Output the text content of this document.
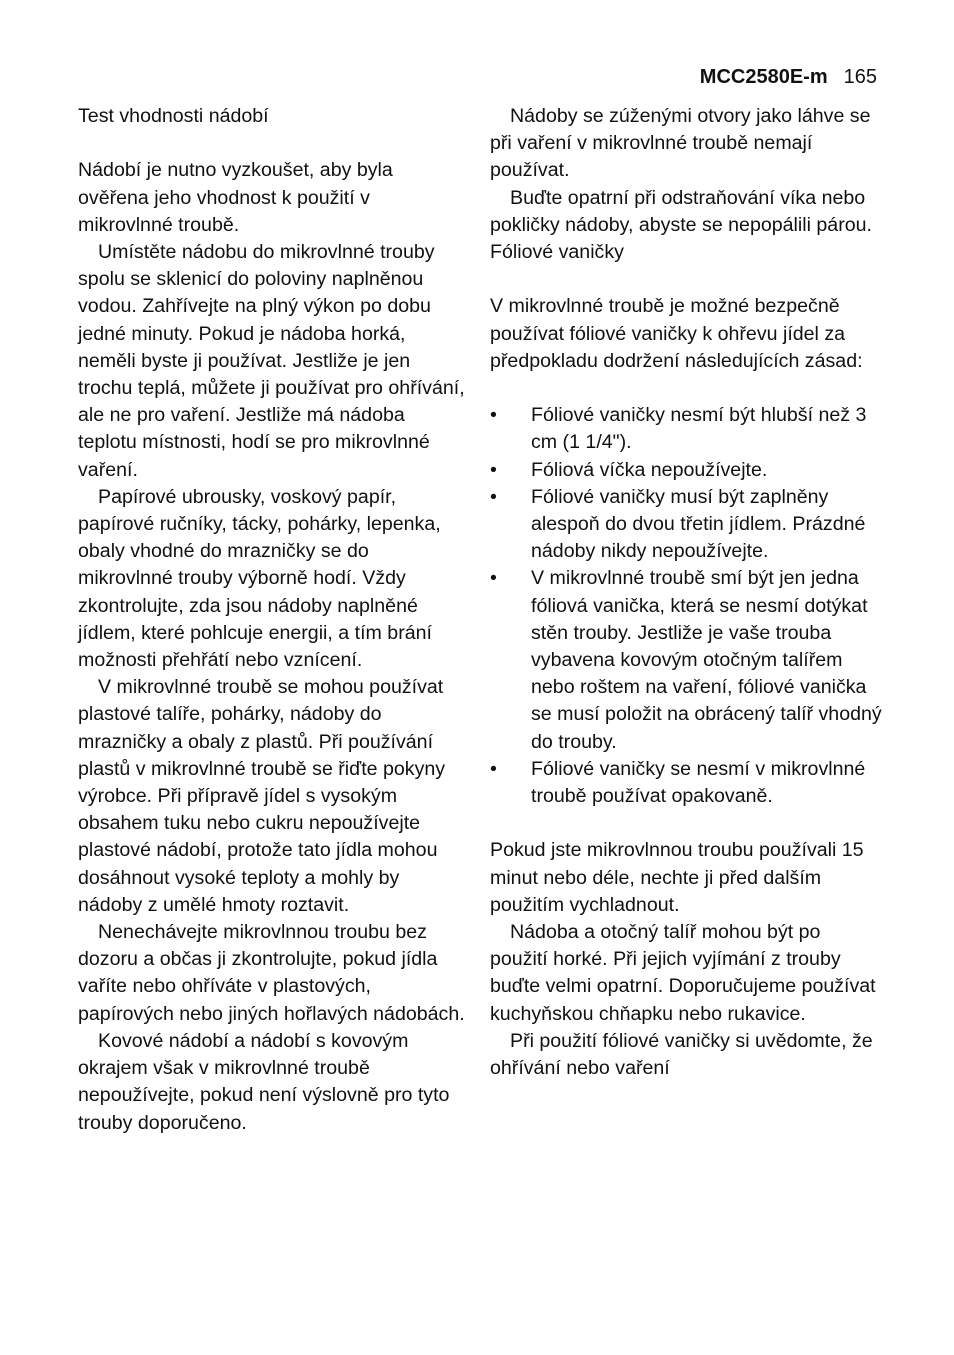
MCC2580E-m 165

Test vhodnosti nádobí

Nádobí je nutno vyzkoušet, aby byla ověřena jeho vhodnost k použití v mikrovlnné troubě.

Umístěte nádobu do mikrovlnné trouby spolu se sklenicí do poloviny naplněnou vodou. Zahřívejte na plný výkon po dobu jedné minuty. Pokud je nádoba horká, neměli byste ji používat. Jestliže je jen trochu teplá, můžete ji používat pro ohřívání, ale ne pro vaření. Jestliže má nádoba teplotu místnosti, hodí se pro mikrovlnné vaření.

Papírové ubrousky, voskový papír, papírové ručníky, tácky, pohárky, lepenka, obaly vhodné do mrazničky se do mikrovlnné trouby výborně hodí. Vždy zkontrolujte, zda jsou nádoby naplněné jídlem, které pohlcuje energii, a tím brání možnosti přehřátí nebo vznícení.

V mikrovlnné troubě se mohou používat plastové talíře, pohárky, nádoby do mrazničky a obaly z plastů. Při používání plastů v mikrovlnné troubě se řiďte pokyny výrobce. Při přípravě jídel s vysokým obsahem tuku nebo cukru nepoužívejte plastové nádobí, protože tato jídla mohou dosáhnout vysoké teploty a mohly by nádoby z umělé hmoty roztavit.

Nenechávejte mikrovlnnou troubu bez dozoru a občas ji zkontrolujte, pokud jídla vaříte nebo ohříváte v plastových, papírových nebo jiných hořlavých nádobách.

Kovové nádobí a nádobí s kovovým okrajem však v mikrovlnné troubě nepoužívejte, pokud není výslovně pro tyto trouby doporučeno.

Nádoby se zúženými otvory jako láhve se při vaření v mikrovlnné troubě nemají používat.

Buďte opatrní při odstraňování víka nebo pokličky nádoby, abyste se nepopálili párou.

Fóliové vaničky

V mikrovlnné troubě je možné bezpečně používat fóliové vaničky k ohřevu jídel za předpokladu dodržení následujících zásad:

• Fóliové vaničky nesmí být hlubší než 3 cm (1 1/4").
• Fóliová víčka nepoužívejte.
• Fóliové vaničky musí být zaplněny alespoň do dvou třetin jídlem. Prázdné nádoby nikdy nepoužívejte.
• V mikrovlnné troubě smí být jen jedna fóliová vanička, která se nesmí dotýkat stěn trouby. Jestliže je vaše trouba vybavena kovovým otočným talířem nebo roštem na vaření, fóliové vanička se musí položit na obrácený talíř vhodný do trouby.
• Fóliové vaničky se nesmí v mikrovlnné troubě používat opakovaně.

Pokud jste mikrovlnnou troubu používali 15 minut nebo déle, nechte ji před dalším použitím vychladnout.

Nádoba a otočný talíř mohou být po použití horké. Při jejich vyjímání z trouby buďte velmi opatrní. Doporučujeme používat kuchyňskou chňapku nebo rukavice.

Při použití fóliové vaničky si uvědomte, že ohřívání nebo vaření
